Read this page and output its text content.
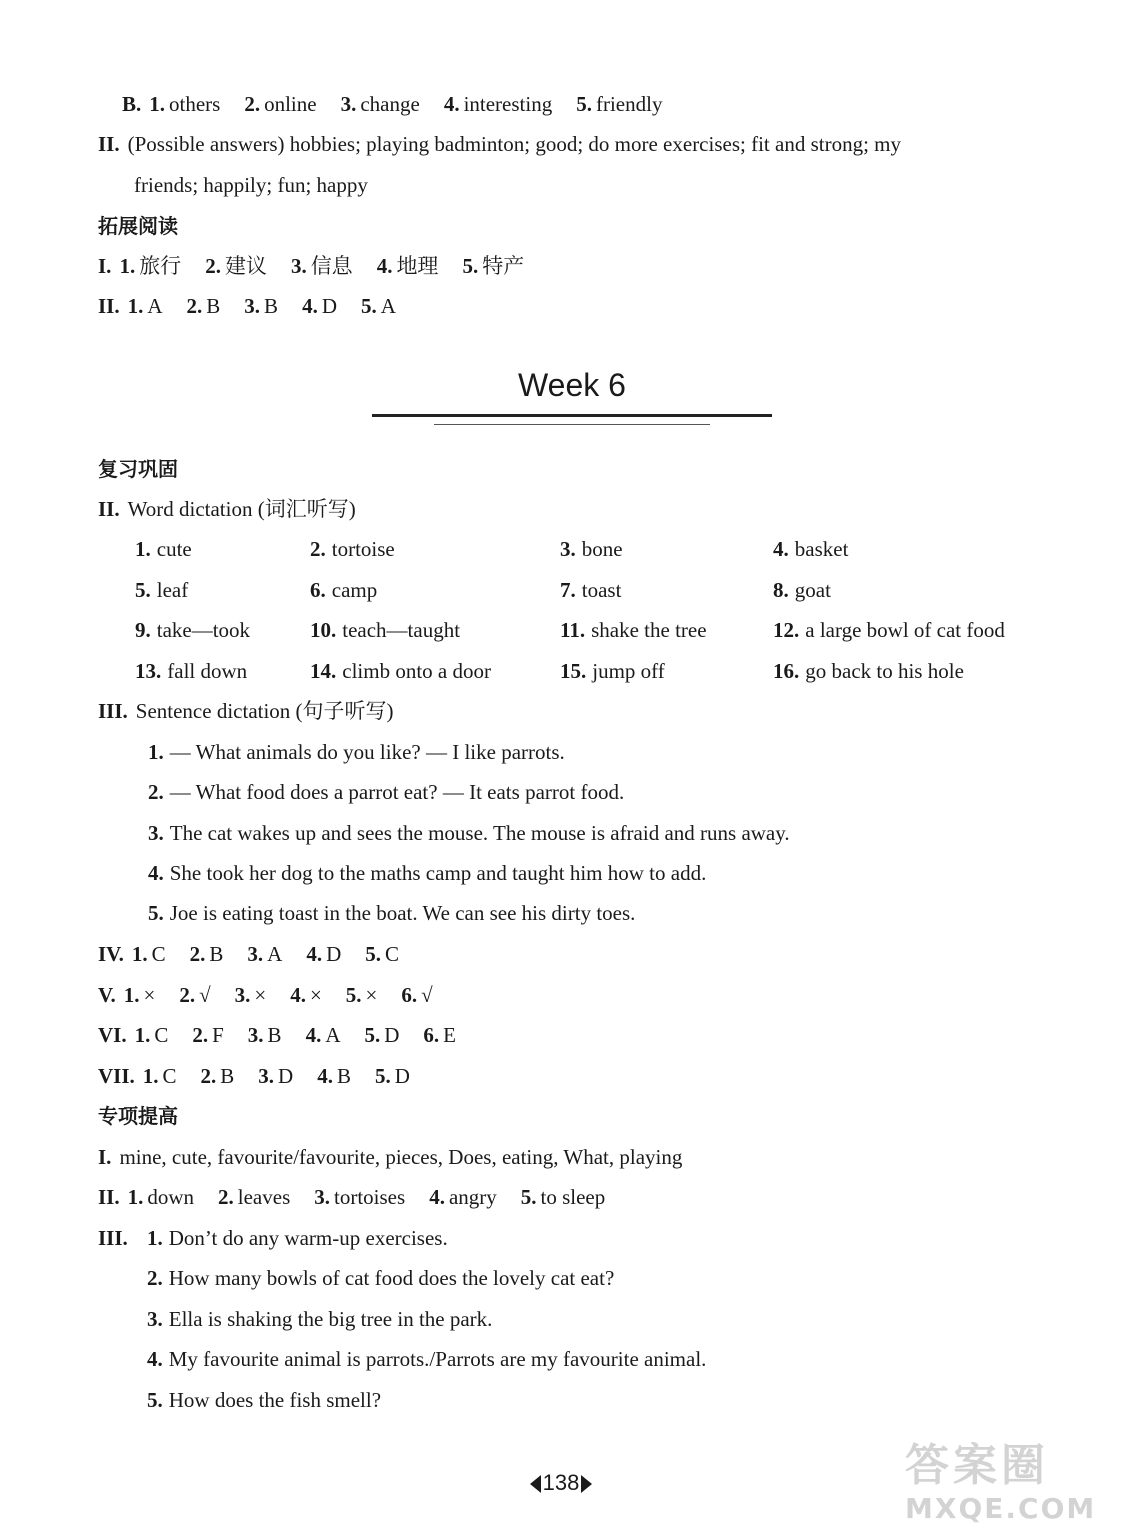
B. 1. others 2. online 3. change 4. interesting 5. friendly
II. (Possible answers) hobbies; playing badminton; good; do more exercises; fit and strong; my
friends; happily; fun; happy
拓展阅读
I. 1. 旅行 2. 建议 3. 信息 4. 地理 5. 特产
II. 1. A 2. B 3. B 4. D 5. A
Week 6
复习巩固
II. Word dictation (词汇听写)
1. cute	2. tortoise	3. bone	4. basket
5. leaf	6. camp	7. toast	8. goat
9. take—took	10. teach—taught	11. shake the tree	12. a large bowl of cat food
13. fall down	14. climb onto a door	15. jump off	16. go back to his hole
III. Sentence dictation (句子听写)
1. — What animals do you like? — I like parrots.
2. — What food does a parrot eat? — It eats parrot food.
3. The cat wakes up and sees the mouse. The mouse is afraid and runs away.
4. She took her dog to the maths camp and taught him how to add.
5. Joe is eating toast in the boat. We can see his dirty toes.
IV. 1. C 2. B 3. A 4. D 5. C
V. 1. × 2. √ 3. × 4. × 5. × 6. √
VI. 1. C 2. F 3. B 4. A 5. D 6. E
VII. 1. C 2. B 3. D 4. B 5. D
专项提高
I. mine, cute, favourite/favourite, pieces, Does, eating, What, playing
II. 1. down 2. leaves 3. tortoises 4. angry 5. to sleep
III. 1. Don’t do any warm-up exercises.
2. How many bowls of cat food does the lovely cat eat?
3. Ella is shaking the big tree in the park.
4. My favourite animal is parrots./Parrots are my favourite animal.
5. How does the fish smell?
138	答案圈
MXQE.COM
